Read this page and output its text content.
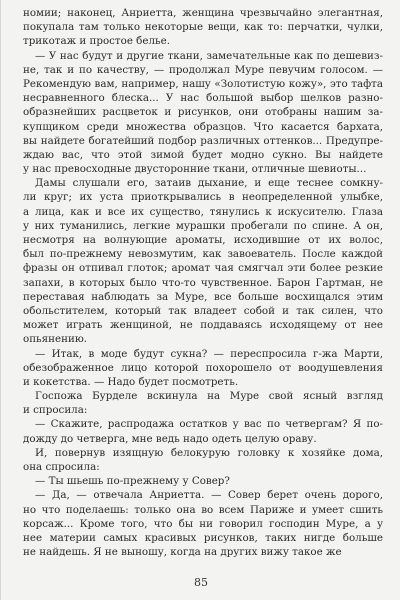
номии; наконец, Анриетта, женщина чрезвычайно элегантная,
покупала там только некоторые вещи, как то: перчатки, чулки,
трикотаж и простое белье.
— У нас будут и другие ткани, замечательные как по дешевиз-
не, так и по качеству, — продолжал Муре певучим голосом. —
Рекомендую вам, например, нашу «Золотистую кожу», это тафта
несравненного блеска... У нас большой выбор шелков разно-
образнейших расцветок и рисунков, они отобраны нашим за-
купщиком среди множества образцов. Что касается бархата,
вы найдете богатейший подбор различных оттенков... Предупре-
ждаю вас, что этой зимой будет модно сукно. Вы найдете
у нас превосходные двусторонние ткани, отличные шевиоты...
Дамы слушали его, затаив дыхание, и еще теснее сомкну-
ли круг; их уста приоткрывались в неопределенной улыбке,
а лица, как и все их существо, тянулись к искусителю. Глаза
у них туманились, легкие мурашки пробегали по спине. А он,
несмотря на волнующие ароматы, исходившие от их волос,
был по-прежнему невозмутим, как завоеватель. После каждой
фразы он отпивал глоток; аромат чая смягчал эти более резкие
запахи, в которых было что-то чувственное. Барон Гартман, не
переставая наблюдать за Муре, все больше восхищался этим
обольстителем, который так владеет собой и так силен, что
может играть женщиной, не поддаваясь исходящему от нее
опьянению.
— Итак, в моде будут сукна? — переспросила г-жа Марти,
обезображенное лицо которой похорошело от воодушевления
и кокетства. — Надо будет посмотреть.
Госпожа Бурделе вскинула на Муре свой ясный взгляд
и спросила:
— Скажите, распродажа остатков у вас по четвергам? Я по-
дожду до четверга, мне ведь надо одеть целую ораву.
И, повернув изящную белокурую головку к хозяйке дома,
она спросила:
— Ты шьешь по-прежнему у Совер?
— Да, — отвечала Анриетта. — Совер берет очень дорого,
но что поделаешь: только она во всем Париже и умеет сшить
корсаж... Кроме того, что бы ни говорил господин Муре, а у
нее материи самых красивых рисунков, таких нигде больше
не найдешь. Я не выношу, когда на других вижу такое же
85
